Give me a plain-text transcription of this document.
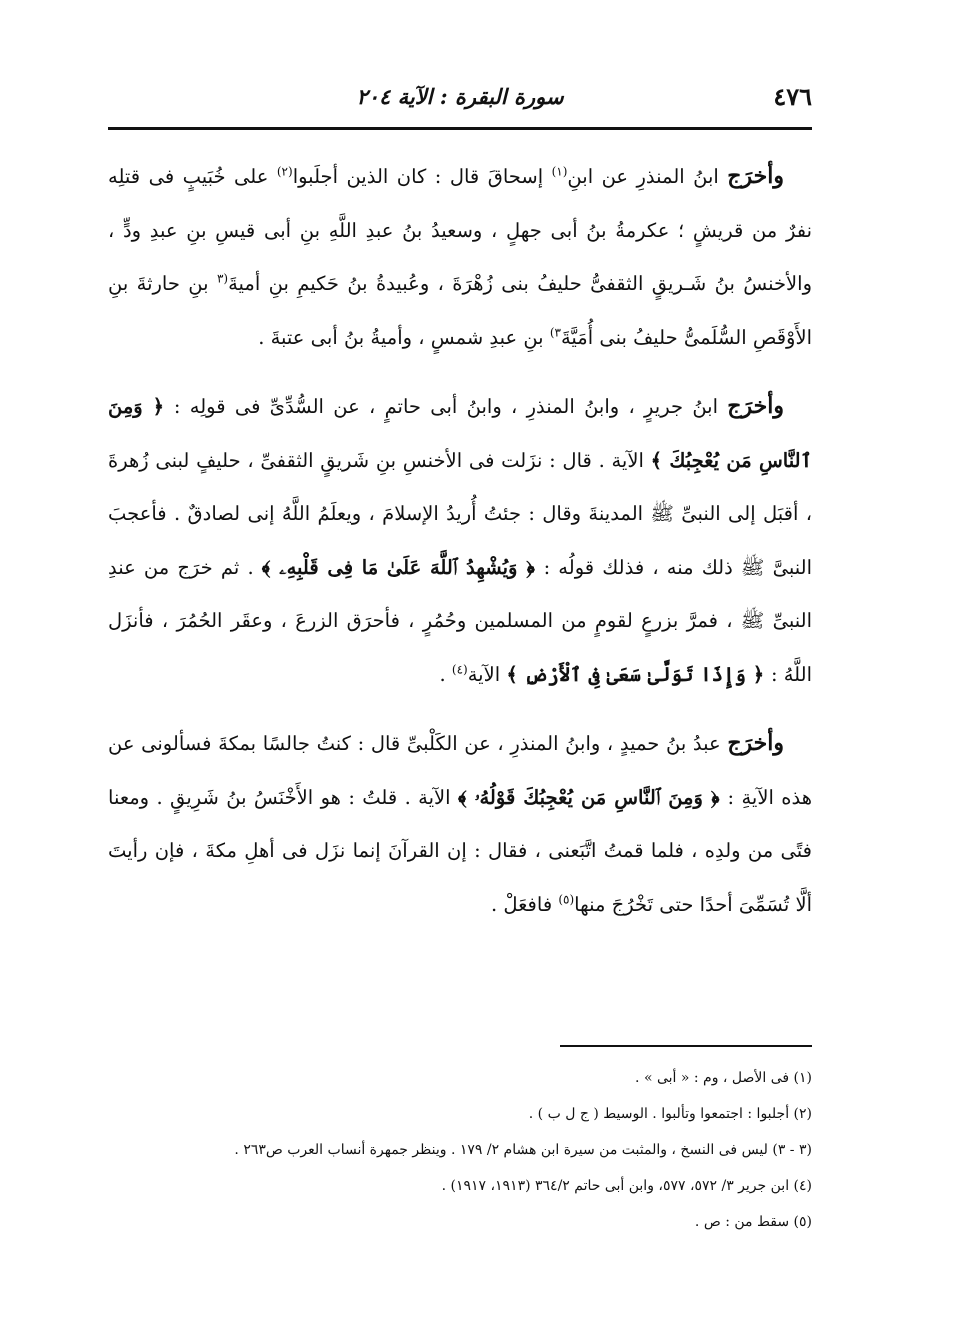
٤٧٦
سورة البقرة : الآية ٢٠٤

وأخرَج ابنُ المنذرِ عن ابنِ$^{(١)}$ إسحاقَ قال : كان الذين أجلَبوا$^{(٢)}$ على خُبَيبٍ فى قتلِه نفرٌ من قريشٍ ؛ عكرمةُ بنُ أبى جهلٍ ، وسعيدُ بنُ عبدِ اللَّهِ بنِ أبى قيسِ بنِ عبدِ ودٍّ ، والأخنسُ بنُ شَـريقٍ الثقفىُّ حليفُ بنى زُهْرَةَ ، وعُبيدةُ بنُ حَكيمِ بنِ أميةَ$^{(٣}$ بنِ حارثةَ بنِ الأَوْقَصِ السُّلَمىُّ حليفُ بنى أُمَيَّةَ$^{٣)}$ بنِ عبدِ شمسٍ ، وأميةُ بنُ أبى عتبةَ .

وأخرَج ابنُ جريرٍ ، وابنُ المنذرِ ، وابنُ أبى حاتمٍ ، عن السُّدِّىِّ فى قولِه : ﴿ وَمِنَ ٱلنَّاسِ مَن يُعْجِبُكَ ﴾ الآية . قال : نزَلت فى الأخنسِ بنِ شَريقٍ الثقفىِّ ، حليفٍ لبنى زُهرةَ ، أقبَل إلى النبىِّ ﷺ المدينةَ وقال : جئتُ أُريدُ الإسلامَ ، ويعلَمُ اللَّهُ إنى لصادقٌ . فأعجبَ النبىَّ ﷺ ذلك منه ، فذلك قولُه : ﴿ وَيُشْهِدُ ٱللَّهَ عَلَىٰ مَا فِى قَلْبِهِۦ ﴾ . ثم خرَج من عندِ النبىِّ ﷺ ، فمرَّ بزرعٍ لقومٍ من المسلمين وحُمُرٍ ، فأحرَق الزرعَ ، وعقَر الحُمُرَ ، فأنزَل اللَّهُ : ﴿ وَإِذَا تَوَلَّىٰ سَعَىٰ فِى ٱلْأَرْضِ ﴾ الآية$^{(٤)}$ .

وأخرَج عبدُ بنُ حميدٍ ، وابنُ المنذرِ ، عن الكَلْبىِّ قال : كنتُ جالسًا بمكةَ فسألونى عن هذه الآيةِ : ﴿ وَمِنَ ٱلنَّاسِ مَن يُعْجِبُكَ قَوْلُهُۥ ﴾ الآية . قلتُ : هو الأَخْنَسُ بنُ شَرِيقٍ . ومعنا فتًى من ولدِه ، فلما قمتُ اتَّبَعنى ، فقال : إن القرآنَ إنما نزَل فى أهلِ مكةَ ، فإن رأيتَ ألَّا تُسَمِّىَ أحدًا حتى تَخْرُجَ منها$^{(٥)}$ فافعَلْ .

(١) فى الأصل ، وم : « أبى » .
(٢) أجلبوا : اجتمعوا وتألبوا . الوسيط ( ج ل ب ) .
(٣ - ٣) ليس فى النسخ ، والمثبت من سيرة ابن هشام ٢/ ١٧٩ . وينظر جمهرة أنساب العرب ص٢٦٣ .
(٤) ابن جرير ٣/ ٥٧٢، ٥٧٧، وابن أبى حاتم ٣٦٤/٢ (١٩١٣، ١٩١٧) .
(٥) سقط من : ص .
